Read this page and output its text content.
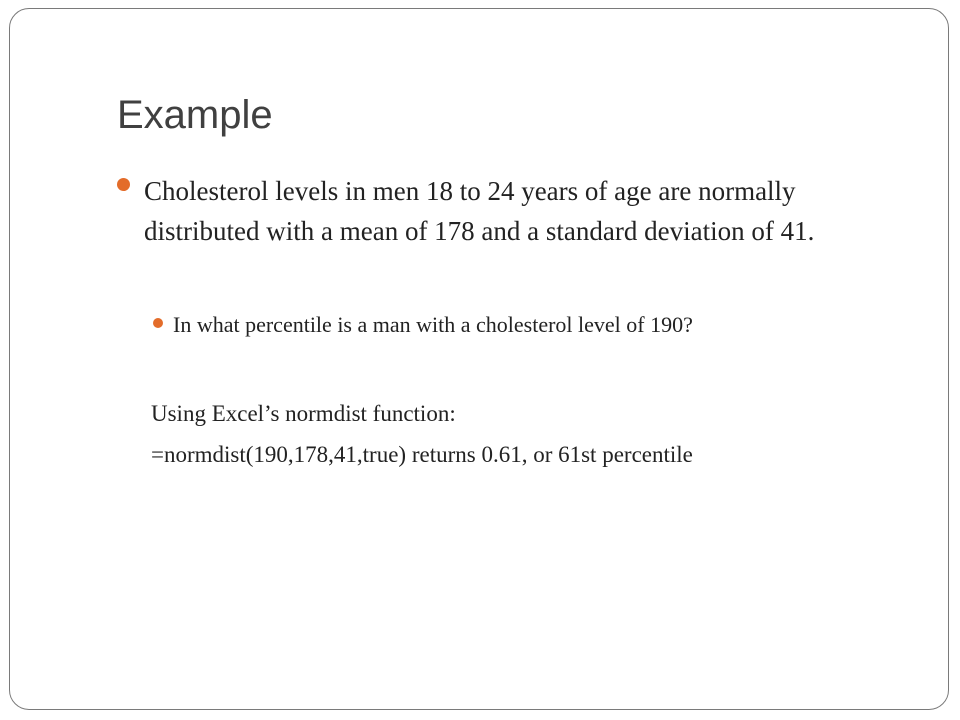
Example
Cholesterol levels in men 18 to 24 years of age are normally distributed with a mean of 178 and a standard deviation of 41.
In what percentile is a man with a cholesterol level of 190?
Using Excel’s normdist function:
=normdist(190,178,41,true) returns 0.61, or 61st percentile
